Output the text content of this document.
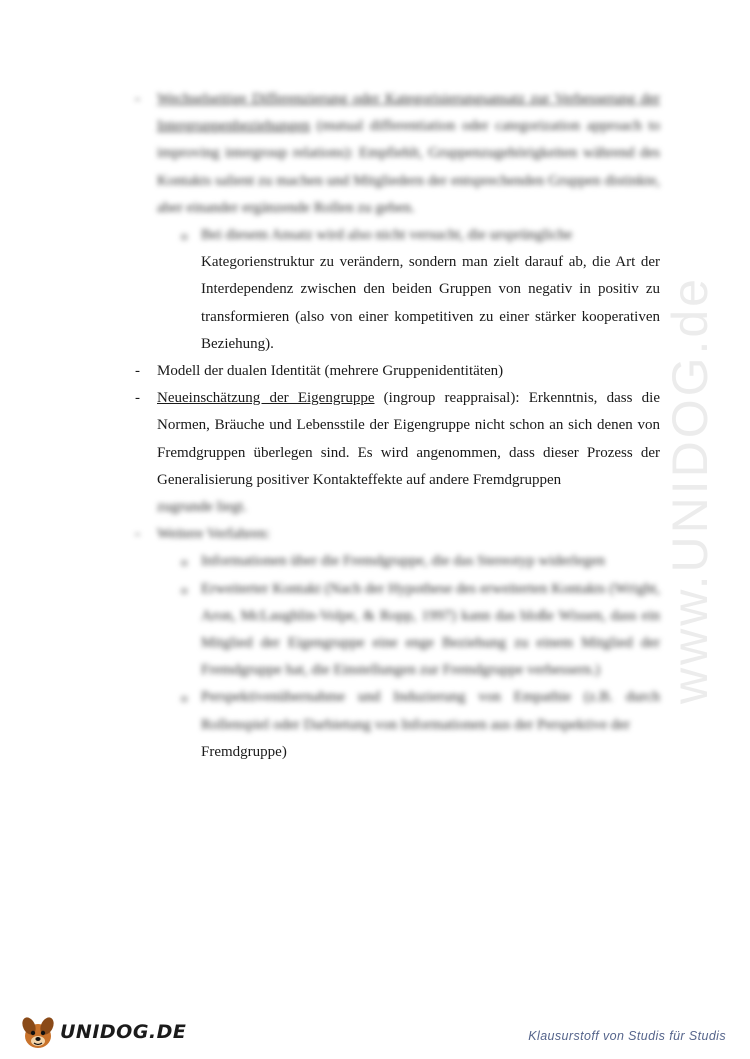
www.UNIDOG.de
- Wechselseitige Differenzierung oder Kategorisierungsansatz zur Verbesserung der Intergruppenbeziehungen (mutual differentiation oder categorization approach to improving intergroup relations): Empfiehlt, Gruppenzugehörigkeiten während des Kontakts salient zu machen und Mitgliedern der entsprechenden Gruppen distinkte, aber einander ergänzende Rollen zu geben.
o Bei diesem Ansatz wird also nicht versucht, die ursprüngliche
Kategorienstruktur zu verändern, sondern man zielt darauf ab, die Art der Interdependenz zwischen den beiden Gruppen von negativ in positiv zu transformieren (also von einer kompetitiven zu einer stärker kooperativen Beziehung).
- Modell der dualen Identität (mehrere Gruppenidentitäten)
- Neueinschätzung der Eigengruppe (ingroup reappraisal): Erkenntnis, dass die Normen, Bräuche und Lebensstile der Eigengruppe nicht schon an sich denen von Fremdgruppen überlegen sind. Es wird angenommen, dass dieser Prozess der Generalisierung positiver Kontakteffekte auf andere Fremdgruppen
zugrunde liegt.
- Weitere Verfahren:
o Informationen über die Fremdgruppe, die das Stereotyp widerlegen
o Erweiterter Kontakt (Nach der Hypothese des erweiterten Kontakts (Wright, Aron, McLaughlin-Volpe, & Ropp, 1997) kann das bloße Wissen, dass ein Mitglied der Eigengruppe eine enge Beziehung zu einem Mitglied der Fremdgruppe hat, die Einstellungen zur Fremdgruppe verbessern.)
o Perspektivenübernahme und Induzierung von Empathie (z.B. durch Rollenspiel oder Darbietung von Informationen aus der Perspektive der
Fremdgruppe)
UNIDOG.DE	Klausurstoff von Studis für Studis
